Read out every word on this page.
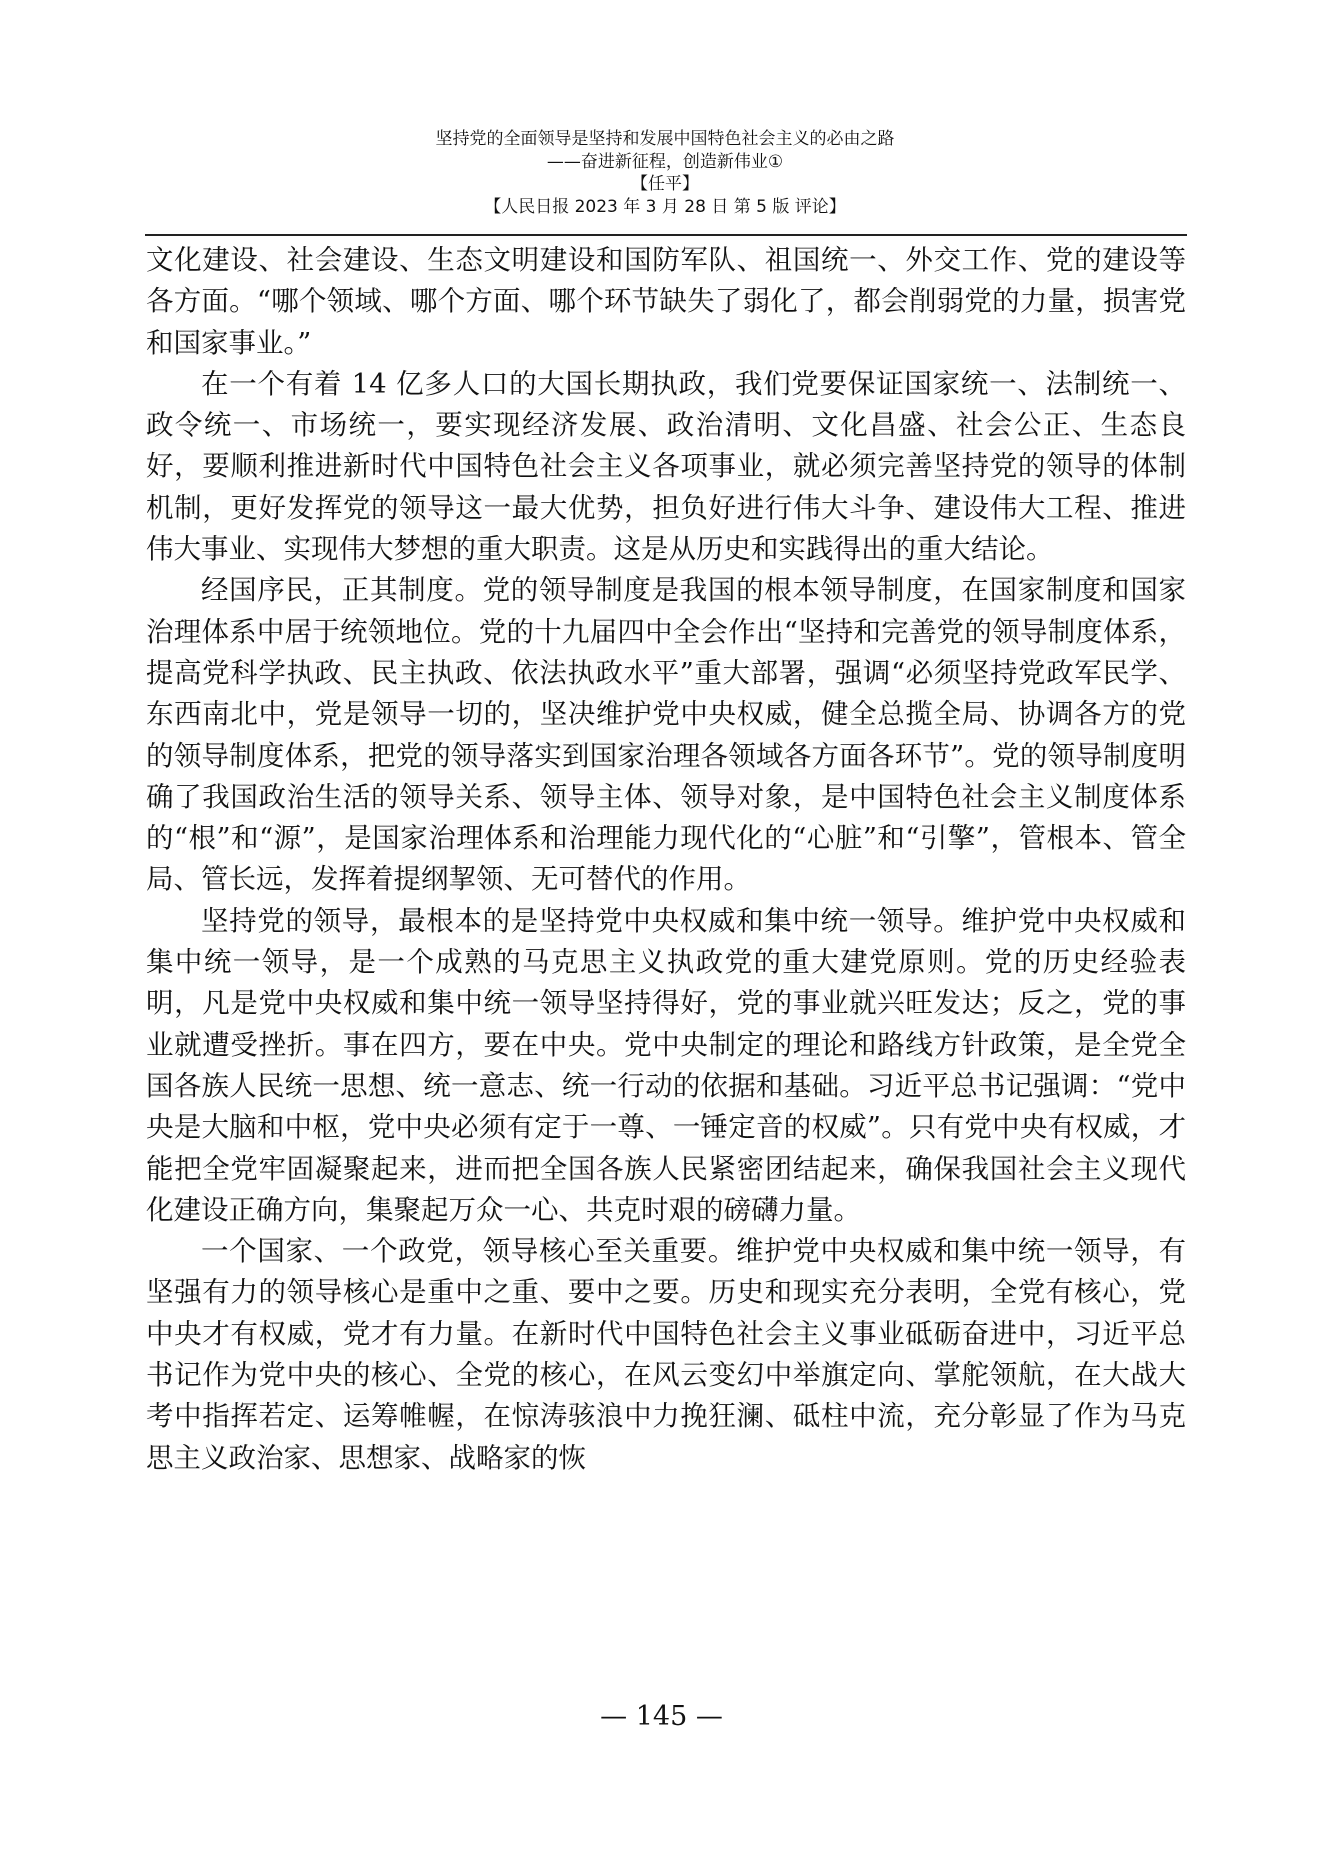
坚持党的全面领导是坚持和发展中国特色社会主义的必由之路
——奋进新征程，创造新伟业①
【任平】
【人民日报 2023 年 3 月 28 日 第 5 版 评论】

文化建设、社会建设、生态文明建设和国防军队、祖国统一、外交工作、党的建设等各方面。“哪个领域、哪个方面、哪个环节缺失了弱化了，都会削弱党的力量，损害党和国家事业。”

在一个有着 14 亿多人口的大国长期执政，我们党要保证国家统一、法制统一、政令统一、市场统一，要实现经济发展、政治清明、文化昌盛、社会公正、生态良好，要顺利推进新时代中国特色社会主义各项事业，就必须完善坚持党的领导的体制机制，更好发挥党的领导这一最大优势，担负好进行伟大斗争、建设伟大工程、推进伟大事业、实现伟大梦想的重大职责。这是从历史和实践得出的重大结论。

经国序民，正其制度。党的领导制度是我国的根本领导制度，在国家制度和国家治理体系中居于统领地位。党的十九届四中全会作出“坚持和完善党的领导制度体系，提高党科学执政、民主执政、依法执政水平”重大部署，强调“必须坚持党政军民学、东西南北中，党是领导一切的，坚决维护党中央权威，健全总揽全局、协调各方的党的领导制度体系，把党的领导落实到国家治理各领域各方面各环节”。党的领导制度明确了我国政治生活的领导关系、领导主体、领导对象，是中国特色社会主义制度体系的“根”和“源”，是国家治理体系和治理能力现代化的“心脏”和“引擎”，管根本、管全局、管长远，发挥着提纲挈领、无可替代的作用。

坚持党的领导，最根本的是坚持党中央权威和集中统一领导。维护党中央权威和集中统一领导，是一个成熟的马克思主义执政党的重大建党原则。党的历史经验表明，凡是党中央权威和集中统一领导坚持得好，党的事业就兴旺发达；反之，党的事业就遭受挫折。事在四方，要在中央。党中央制定的理论和路线方针政策，是全党全国各族人民统一思想、统一意志、统一行动的依据和基础。习近平总书记强调：“党中央是大脑和中枢，党中央必须有定于一尊、一锤定音的权威”。只有党中央有权威，才能把全党牢固凝聚起来，进而把全国各族人民紧密团结起来，确保我国社会主义现代化建设正确方向，集聚起万众一心、共克时艰的磅礴力量。

一个国家、一个政党，领导核心至关重要。维护党中央权威和集中统一领导，有坚强有力的领导核心是重中之重、要中之要。历史和现实充分表明，全党有核心，党中央才有权威，党才有力量。在新时代中国特色社会主义事业砥砺奋进中，习近平总书记作为党中央的核心、全党的核心，在风云变幻中举旗定向、掌舵领航，在大战大考中指挥若定、运筹帷幄，在惊涛骇浪中力挽狂澜、砥柱中流，充分彰显了作为马克思主义政治家、思想家、战略家的恢

— 145 —
